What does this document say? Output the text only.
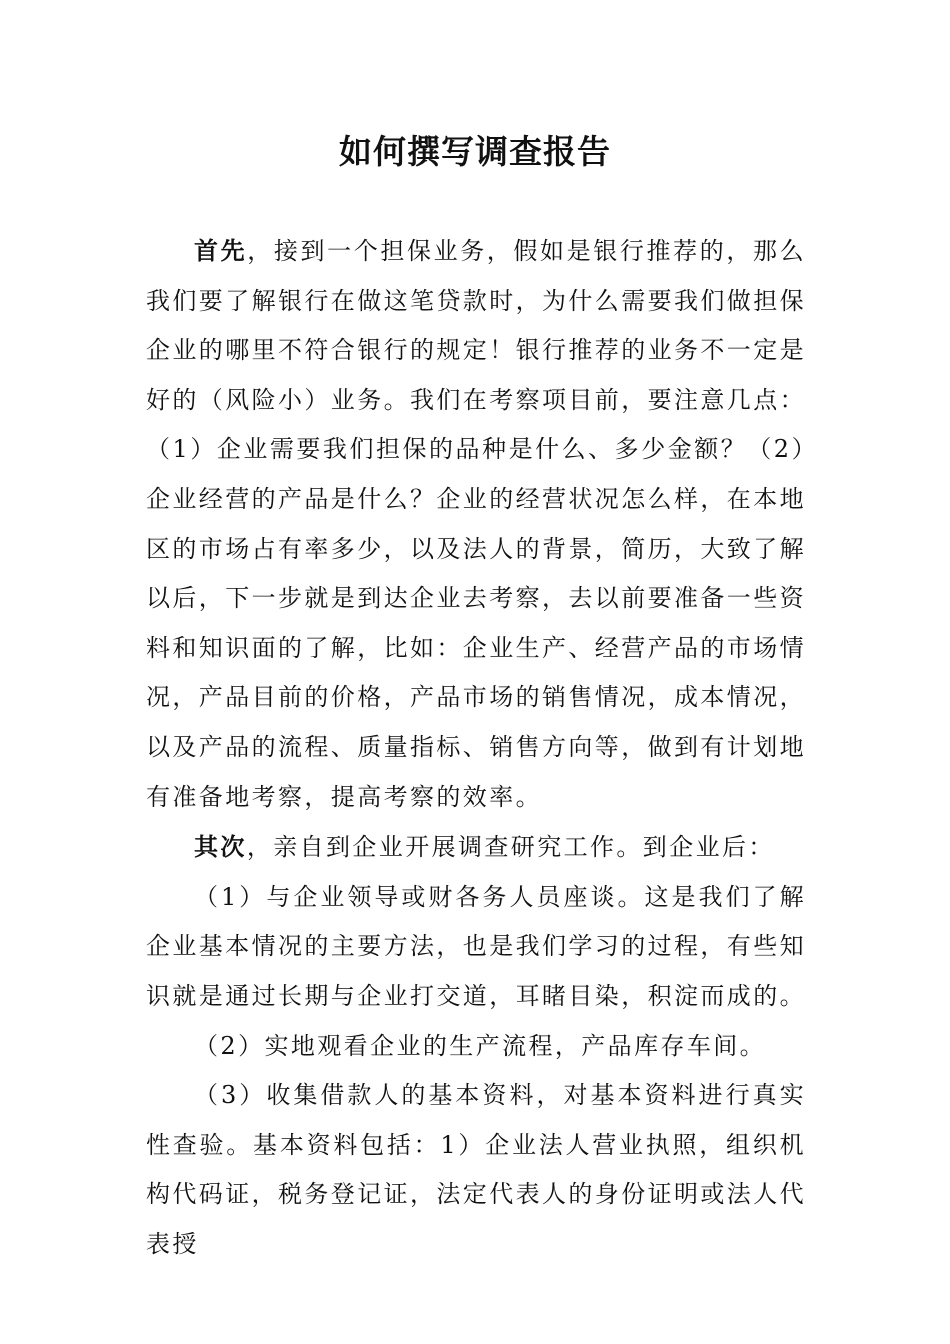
如何撰写调查报告

首先，接到一个担保业务，假如是银行推荐的，那么我们要了解银行在做这笔贷款时，为什么需要我们做担保企业的哪里不符合银行的规定！银行推荐的业务不一定是好的（风险小）业务。我们在考察项目前，要注意几点：（1）企业需要我们担保的品种是什么、多少金额？（2）企业经营的产品是什么？企业的经营状况怎么样，在本地区的市场占有率多少，以及法人的背景，简历，大致了解以后，下一步就是到达企业去考察，去以前要准备一些资料和知识面的了解，比如：企业生产、经营产品的市场情况，产品目前的价格，产品市场的销售情况，成本情况，以及产品的流程、质量指标、销售方向等，做到有计划地有准备地考察，提高考察的效率。

其次，亲自到企业开展调查研究工作。到企业后：

（1）与企业领导或财各务人员座谈。这是我们了解企业基本情况的主要方法，也是我们学习的过程，有些知识就是通过长期与企业打交道，耳睹目染，积淀而成的。

（2）实地观看企业的生产流程，产品库存车间。

（3）收集借款人的基本资料，对基本资料进行真实性查验。基本资料包括：1）企业法人营业执照，组织机构代码证，税务登记证，法定代表人的身份证明或法人代表授
